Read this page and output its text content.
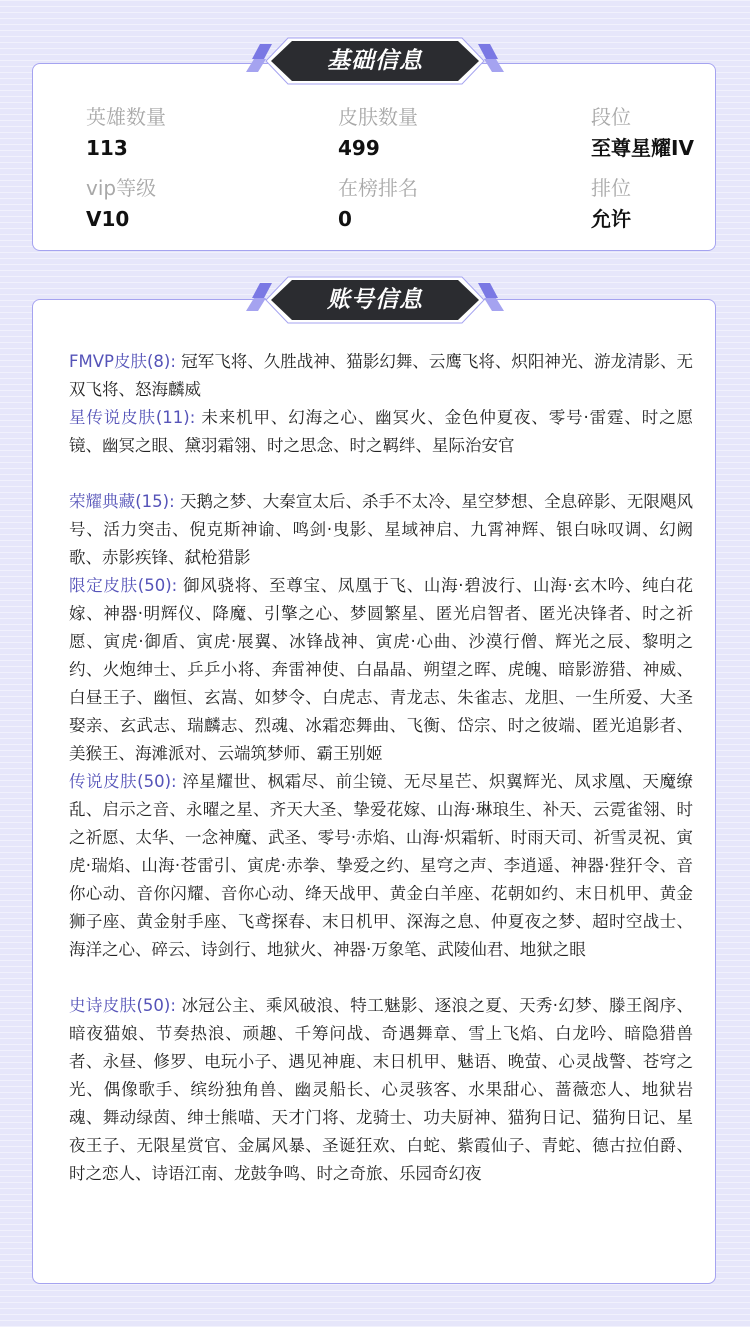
英雄数量
113
皮肤数量
499
段位
至尊星耀IV
vip等级
V10
在榜排名
0
排位
允许
基础信息

FMVP皮肤(8): 冠军飞将、久胜战神、猫影幻舞、云鹰飞将、炽阳神光、游龙清影、无双飞将、怒海麟威

星传说皮肤(11): 未来机甲、幻海之心、幽冥火、金色仲夏夜、零号·雷霆、时之愿镜、幽冥之眼、黛羽霜翎、时之思念、时之羁绊、星际治安官

荣耀典藏(15): 天鹅之梦、大秦宣太后、杀手不太冷、星空梦想、全息碎影、无限飓风号、活力突击、倪克斯神谕、鸣剑·曳影、星域神启、九霄神辉、银白咏叹调、幻阙歌、赤影疾锋、弑枪猎影

限定皮肤(50): 御风骁将、至尊宝、凤凰于飞、山海·碧波行、山海·玄木吟、纯白花嫁、神器·明辉仪、降魔、引擎之心、梦圆繁星、匿光启智者、匿光决锋者、时之祈愿、寅虎·御盾、寅虎·展翼、冰锋战神、寅虎·心曲、沙漠行僧、辉光之辰、黎明之约、火炮绅士、乒乒小将、奔雷神使、白晶晶、朔望之晖、虎魄、暗影游猎、神威、白昼王子、幽恒、玄嵩、如梦令、白虎志、青龙志、朱雀志、龙胆、一生所爱、大圣娶亲、玄武志、瑞麟志、烈魂、冰霜恋舞曲、飞衡、岱宗、时之彼端、匿光追影者、美猴王、海滩派对、云端筑梦师、霸王别姬

传说皮肤(50): 淬星耀世、枫霜尽、前尘镜、无尽星芒、炽翼辉光、凤求凰、天魔缭乱、启示之音、永曜之星、齐天大圣、挚爱花嫁、山海·琳琅生、补天、云霓雀翎、时之祈愿、太华、一念神魔、武圣、零号·赤焰、山海·炽霜斩、时雨天司、祈雪灵祝、寅虎·瑞焰、山海·苍雷引、寅虎·赤拳、挚爱之约、星穹之声、李逍遥、神器·狴犴令、音你心动、音你闪耀、音你心动、绛天战甲、黄金白羊座、花朝如约、末日机甲、黄金狮子座、黄金射手座、飞鸢探春、末日机甲、深海之息、仲夏夜之梦、超时空战士、海洋之心、碎云、诗剑行、地狱火、神器·万象笔、武陵仙君、地狱之眼

史诗皮肤(50): 冰冠公主、乘风破浪、特工魅影、逐浪之夏、天秀·幻梦、滕王阁序、暗夜猫娘、节奏热浪、顽趣、千筹问战、奇遇舞章、雪上飞焰、白龙吟、暗隐猎兽者、永昼、修罗、电玩小子、遇见神鹿、末日机甲、魅语、晚萤、心灵战警、苍穹之光、偶像歌手、缤纷独角兽、幽灵船长、心灵骇客、水果甜心、蔷薇恋人、地狱岩魂、舞动绿茵、绅士熊喵、天才门将、龙骑士、功夫厨神、猫狗日记、猫狗日记、星夜王子、无限星赏官、金属风暴、圣诞狂欢、白蛇、紫霞仙子、青蛇、德古拉伯爵、时之恋人、诗语江南、龙鼓争鸣、时之奇旅、乐园奇幻夜

账号信息
